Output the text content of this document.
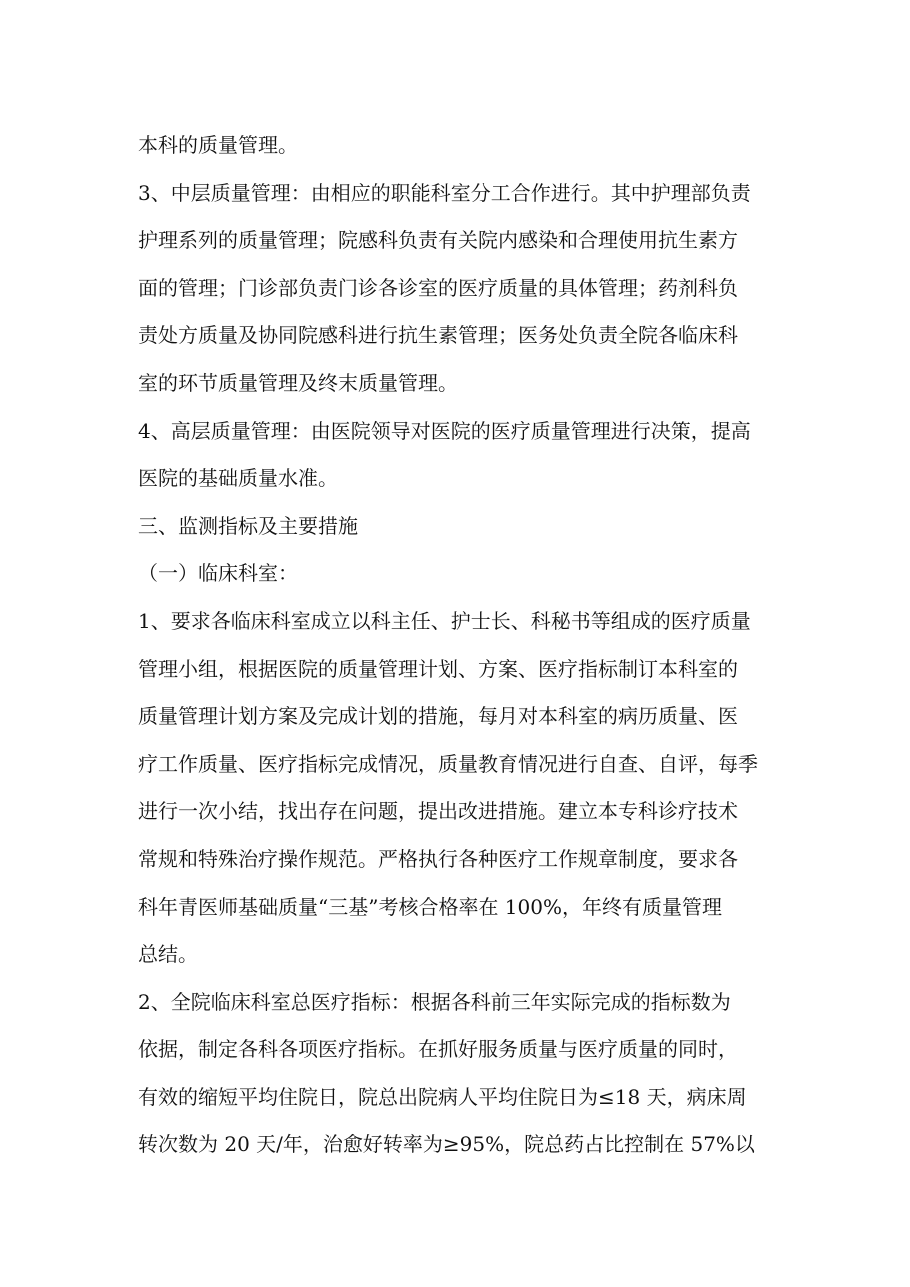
本科的质量管理。
3、中层质量管理：由相应的职能科室分工合作进行。其中护理部负责
护理系列的质量管理；院感科负责有关院内感染和合理使用抗生素方
面的管理；门诊部负责门诊各诊室的医疗质量的具体管理；药剂科负
责处方质量及协同院感科进行抗生素管理；医务处负责全院各临床科
室的环节质量管理及终末质量管理。
4、高层质量管理：由医院领导对医院的医疗质量管理进行决策，提高
医院的基础质量水准。
三、监测指标及主要措施
（一）临床科室：
1、要求各临床科室成立以科主任、护士长、科秘书等组成的医疗质量
管理小组，根据医院的质量管理计划、方案、医疗指标制订本科室的
质量管理计划方案及完成计划的措施，每月对本科室的病历质量、医
疗工作质量、医疗指标完成情况，质量教育情况进行自查、自评，每季
进行一次小结，找出存在问题，提出改进措施。建立本专科诊疗技术
常规和特殊治疗操作规范。严格执行各种医疗工作规章制度，要求各
科年青医师基础质量“三基”考核合格率在 100%，年终有质量管理
总结。
2、全院临床科室总医疗指标：根据各科前三年实际完成的指标数为
依据，制定各科各项医疗指标。在抓好服务质量与医疗质量的同时，
有效的缩短平均住院日，院总出院病人平均住院日为≤18 天，病床周
转次数为 20 天/年，治愈好转率为≥95%，院总药占比控制在 57%以
